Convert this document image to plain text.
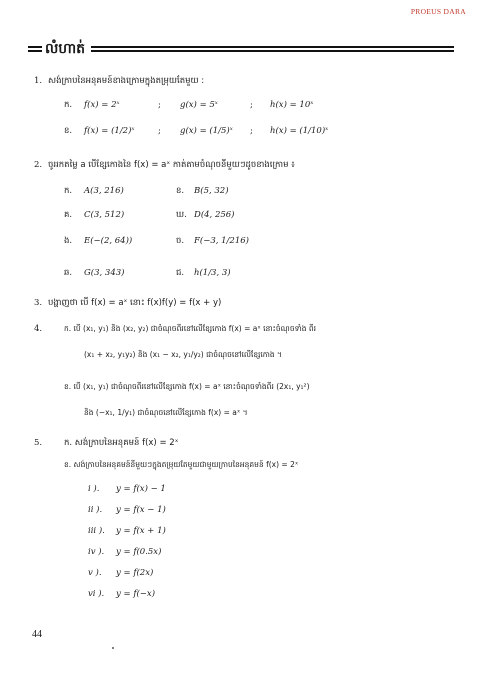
PROEUS DARA
លំហាត់
1. សង់ក្រាបនៃអនុគមន៍ខាងក្រោមក្នុងតម្រុយតែមួយ :
ក. f(x) = 2ˣ	; g(x) = 5ˣ	; h(x) = 10ˣ
ខ. f(x) = (1/2)ˣ	; g(x) = (1/5)ˣ ; h(x) = (1/10)ˣ
2. ចូររកតម្លៃ a បើខ្សែកោងនៃ f(x) = aˣ កាត់តាមចំណុចនីមួយៗដូចខាងក្រោម ៖
ក. A(3, 216)	ខ. B(5, 32)
គ. C(3, 512)	ឃ. D(4, 256)
ង. E(−(2, 64))	ច. F(−3, 1/216)
ឆ. G(3, 343)	ជ. h(1/3, 3)
3. បង្ហាញថា បើ f(x) = aˣ នោះ f(x)f(y) = f(x + y)
4.	ក. បើ (x₁, y₁) និង (x₂, y₂) ជាចំណុចពីរនៅលើខ្សែកោង f(x) = aˣ នោះចំណុចទាំង ពីរ
(x₁ + x₂, y₁y₂) និង (x₁ − x₂, y₁/y₂) ជាចំណុចនៅលើខ្សែកោង ។
ខ. បើ (x₁, y₁) ជាចំណុចពីរនៅលើខ្សែកោង f(x) = aˣ នោះចំណុចទាំងពីរ (2x₁, y₁²)
និង (−x₁, 1/y₁) ជាចំណុចនៅលើខ្សែកោង f(x) = aˣ ។
5.	ក. សង់ក្រាបនៃអនុគមន៍ f(x) = 2ˣ
ខ. សង់ក្រាបនៃអនុគមន៍នីមួយៗក្នុងតម្រុយតែមួយជាមួយក្រាបនៃអនុគមន៍ f(x) = 2ˣ
i ). y = f(x) − 1
ii ). y = f(x − 1)
iii ). y = f(x + 1)
iv ). y = f(0.5x)
v ). y = f(2x)
vi ). y = f(−x)
44
